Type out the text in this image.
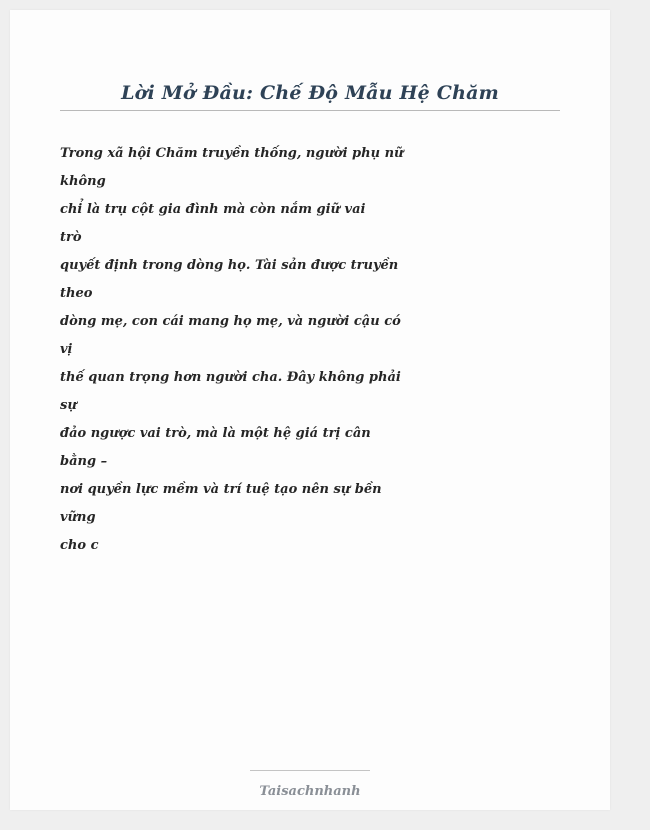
Lời Mở Đầu: Chế Độ Mẫu Hệ Chăm
Trong xã hội Chăm truyền thống, người phụ nữ
không
chỉ là trụ cột gia đình mà còn nắm giữ vai
trò
quyết định trong dòng họ. Tài sản được truyền
theo
dòng mẹ, con cái mang họ mẹ, và người cậu có
vị
thế quan trọng hơn người cha. Đây không phải
sự
đảo ngược vai trò, mà là một hệ giá trị cân
bằng –
nơi quyền lực mềm và trí tuệ tạo nên sự bền
vững
cho c
Taisachnhanh
